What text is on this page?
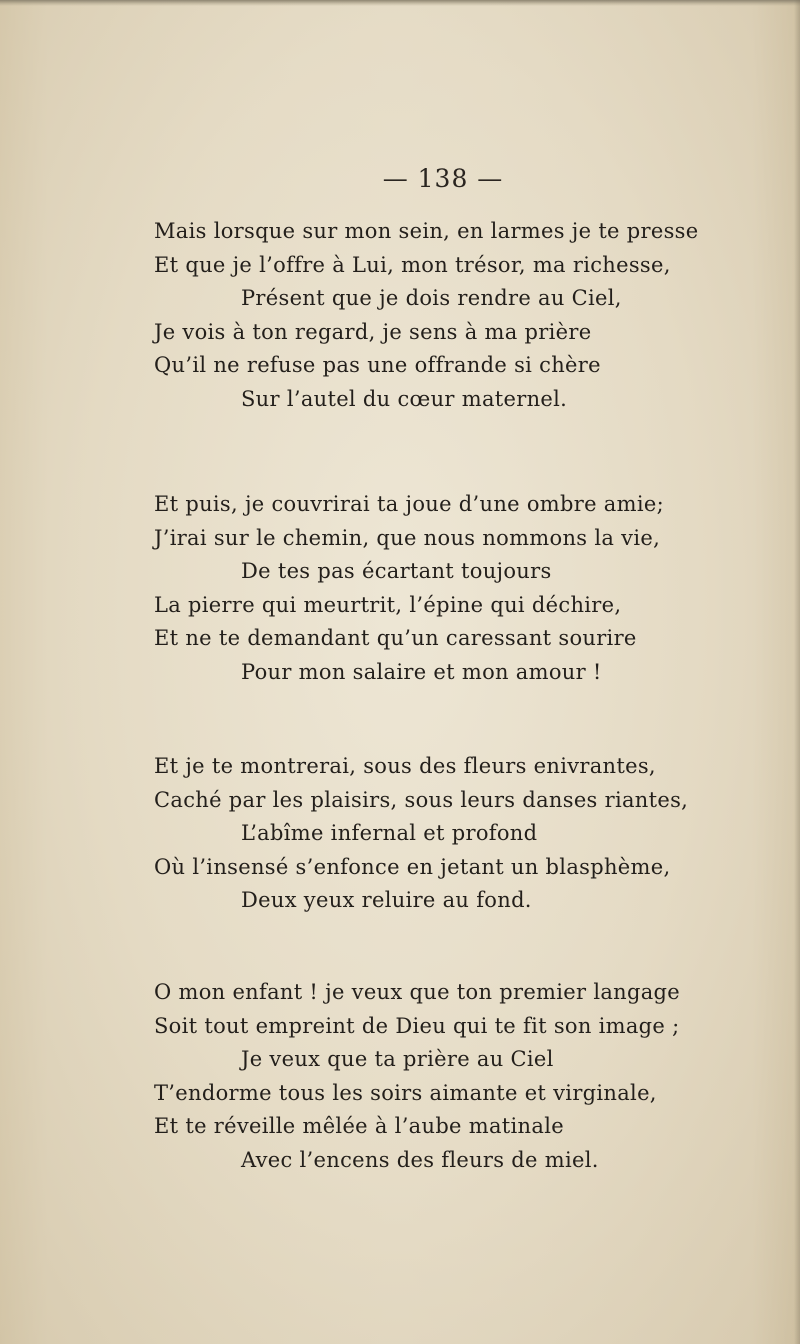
— 138 —
Mais lorsque sur mon sein, en larmes je te presse
Et que je l’offre à Lui, mon trésor, ma richesse,
Présent que je dois rendre au Ciel,
Je vois à ton regard, je sens à ma prière
Qu’il ne refuse pas une offrande si chère
Sur l’autel du cœur maternel.
Et puis, je couvrirai ta joue d’une ombre amie;
J’irai sur le chemin, que nous nommons la vie,
De tes pas écartant toujours
La pierre qui meurtrit, l’épine qui déchire,
Et ne te demandant qu’un caressant sourire
Pour mon salaire et mon amour !
Et je te montrerai, sous des fleurs enivrantes,
Caché par les plaisirs, sous leurs danses riantes,
L’abîme infernal et profond
Où l’insensé s’enfonce en jetant un blasphème,
Deux yeux reluire au fond.
O mon enfant ! je veux que ton premier langage
Soit tout empreint de Dieu qui te fit son image ;
Je veux que ta prière au Ciel
T’endorme tous les soirs aimante et virginale,
Et te réveille mêlée à l’aube matinale
Avec l’encens des fleurs de miel.
